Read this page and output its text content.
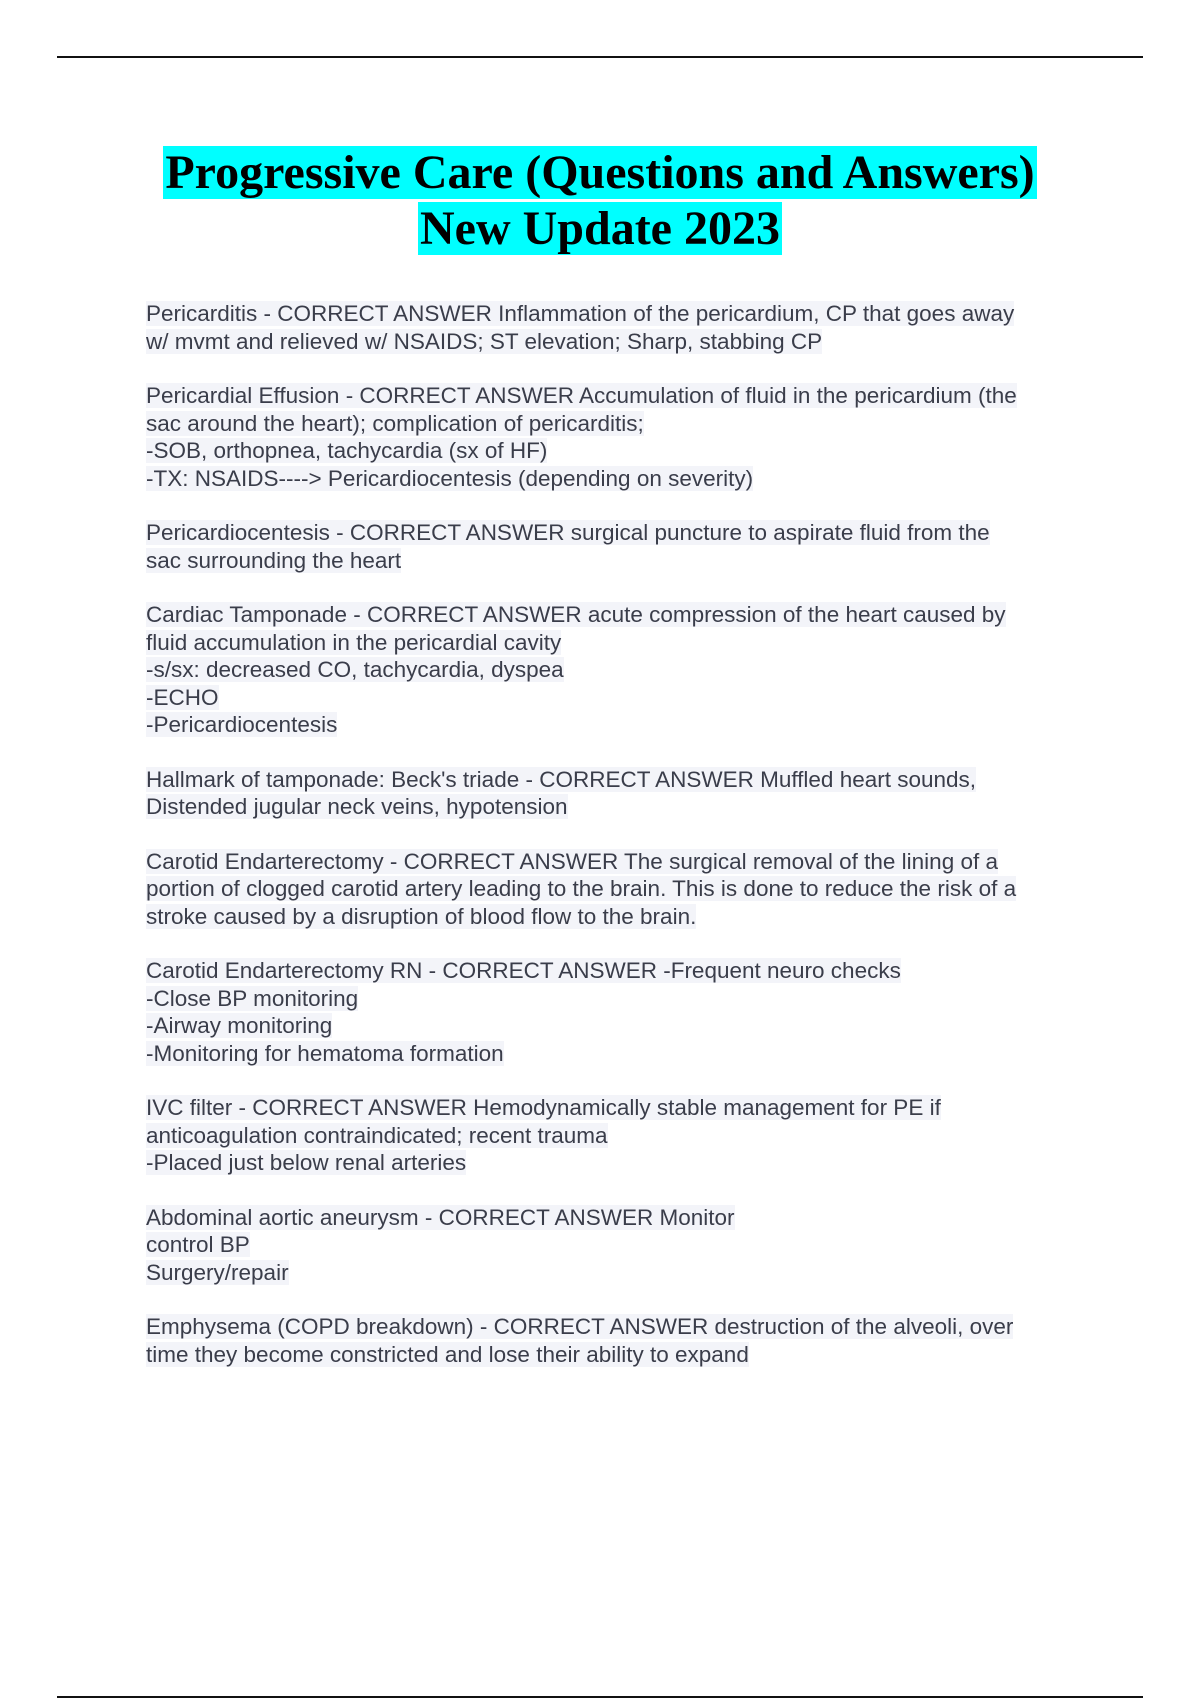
Progressive Care (Questions and Answers)
New Update 2023
Pericarditis - CORRECT ANSWER Inflammation of the pericardium, CP that goes away
w/ mvmt and relieved w/ NSAIDS; ST elevation; Sharp, stabbing CP
Pericardial Effusion - CORRECT ANSWER Accumulation of fluid in the pericardium (the
sac around the heart); complication of pericarditis;
-SOB, orthopnea, tachycardia (sx of HF)
-TX: NSAIDS----> Pericardiocentesis (depending on severity)
Pericardiocentesis - CORRECT ANSWER surgical puncture to aspirate fluid from the
sac surrounding the heart
Cardiac Tamponade - CORRECT ANSWER acute compression of the heart caused by
fluid accumulation in the pericardial cavity
-s/sx: decreased CO, tachycardia, dyspea
-ECHO
-Pericardiocentesis
Hallmark of tamponade: Beck's triade - CORRECT ANSWER Muffled heart sounds,
Distended jugular neck veins, hypotension
Carotid Endarterectomy - CORRECT ANSWER The surgical removal of the lining of a
portion of clogged carotid artery leading to the brain. This is done to reduce the risk of a
stroke caused by a disruption of blood flow to the brain.
Carotid Endarterectomy RN - CORRECT ANSWER -Frequent neuro checks
-Close BP monitoring
-Airway monitoring
-Monitoring for hematoma formation
IVC filter - CORRECT ANSWER Hemodynamically stable management for PE if
anticoagulation contraindicated; recent trauma
-Placed just below renal arteries
Abdominal aortic aneurysm - CORRECT ANSWER Monitor
control BP
Surgery/repair
Emphysema (COPD breakdown) - CORRECT ANSWER destruction of the alveoli, over
time they become constricted and lose their ability to expand
